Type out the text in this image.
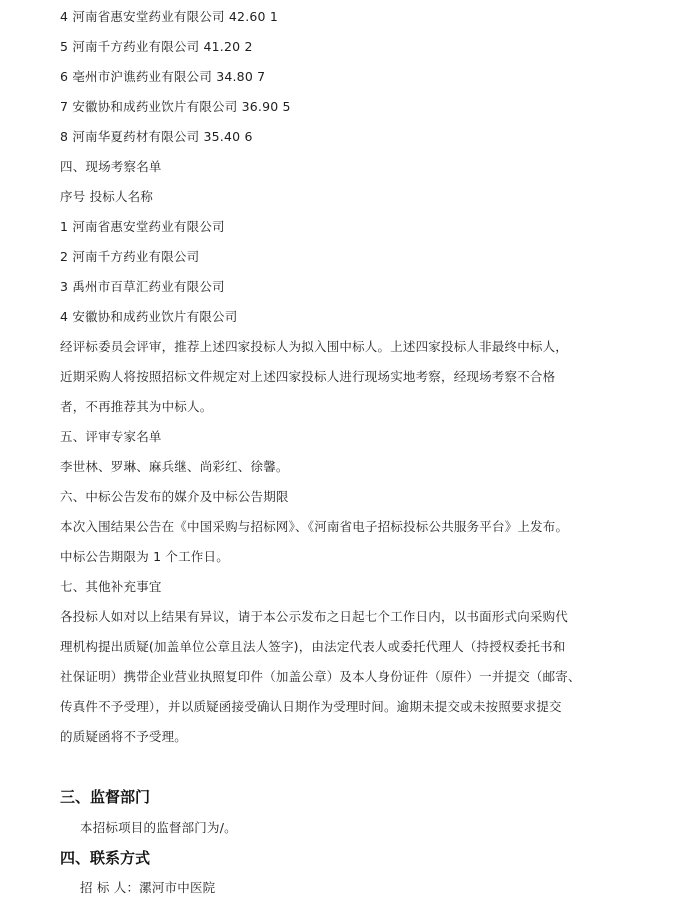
4 河南省惠安堂药业有限公司 42.60 1
5 河南千方药业有限公司 41.20 2
6 亳州市沪谯药业有限公司 34.80 7
7 安徽协和成药业饮片有限公司 36.90 5
8 河南华夏药材有限公司 35.40 6
四、现场考察名单
序号 投标人名称
1 河南省惠安堂药业有限公司
2 河南千方药业有限公司
3 禹州市百草汇药业有限公司
4 安徽协和成药业饮片有限公司
经评标委员会评审，推荐上述四家投标人为拟入围中标人。上述四家投标人非最终中标人，
近期采购人将按照招标文件规定对上述四家投标人进行现场实地考察，经现场考察不合格
者，不再推荐其为中标人。
五、评审专家名单
李世林、罗琳、麻兵继、尚彩红、徐馨。
六、中标公告发布的媒介及中标公告期限
本次入围结果公告在《中国采购与招标网》、《河南省电子招标投标公共服务平台》上发布。
中标公告期限为 1 个工作日。
七、其他补充事宜
各投标人如对以上结果有异议，请于本公示发布之日起七个工作日内，以书面形式向采购代
理机构提出质疑(加盖单位公章且法人签字)，由法定代表人或委托代理人（持授权委托书和
社保证明）携带企业营业执照复印件（加盖公章）及本人身份证件（原件）一并提交（邮寄、
传真件不予受理），并以质疑函接受确认日期作为受理时间。逾期未提交或未按照要求提交
的质疑函将不予受理。
三、监督部门
本招标项目的监督部门为/。
四、联系方式
招 标 人：漯河市中医院
